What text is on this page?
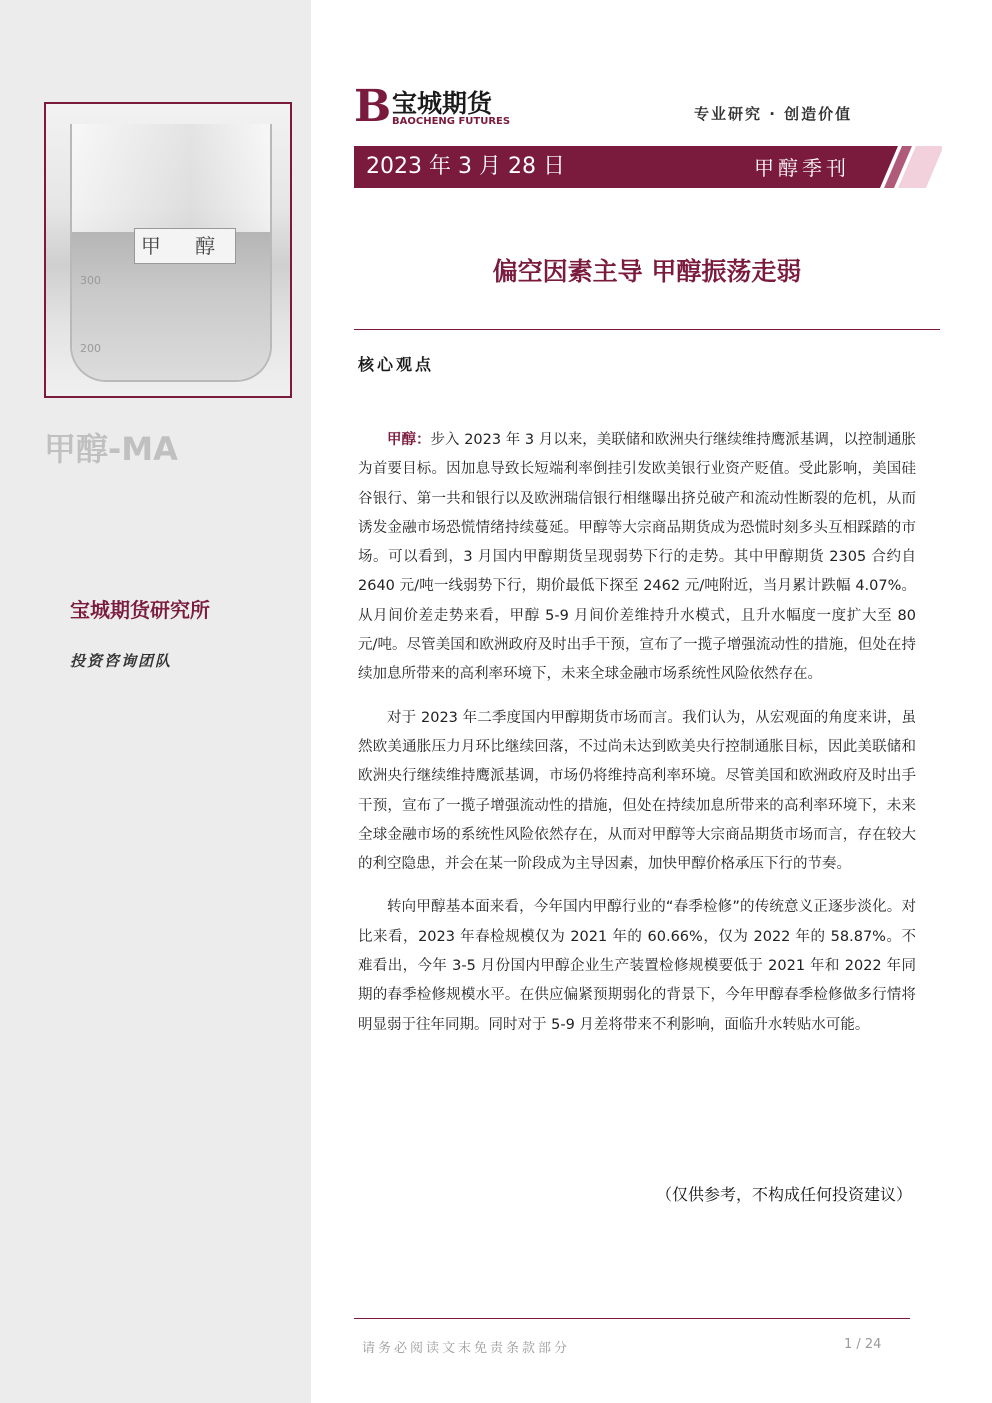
300
200
甲 醇
甲醇-MA
宝城期货研究所
投资咨询团队
B 宝城期货
BAOCHENG FUTURES	专业研究 · 创造价值
2023 年 3 月 28 日	甲醇季刊
偏空因素主导 甲醇振荡走弱
核心观点

甲醇：步入 2023 年 3 月以来，美联储和欧洲央行继续维持鹰派基调，以控制通胀为首要目标。因加息导致长短端利率倒挂引发欧美银行业资产贬值。受此影响，美国硅谷银行、第一共和银行以及欧洲瑞信银行相继曝出挤兑破产和流动性断裂的危机，从而诱发金融市场恐慌情绪持续蔓延。甲醇等大宗商品期货成为恐慌时刻多头互相踩踏的市场。可以看到，3 月国内甲醇期货呈现弱势下行的走势。其中甲醇期货 2305 合约自 2640 元/吨一线弱势下行，期价最低下探至 2462 元/吨附近，当月累计跌幅 4.07%。从月间价差走势来看，甲醇 5-9 月间价差维持升水模式，且升水幅度一度扩大至 80 元/吨。尽管美国和欧洲政府及时出手干预，宣布了一揽子增强流动性的措施，但处在持续加息所带来的高利率环境下，未来全球金融市场系统性风险依然存在。

对于 2023 年二季度国内甲醇期货市场而言。我们认为，从宏观面的角度来讲，虽然欧美通胀压力月环比继续回落，不过尚未达到欧美央行控制通胀目标，因此美联储和欧洲央行继续维持鹰派基调，市场仍将维持高利率环境。尽管美国和欧洲政府及时出手干预，宣布了一揽子增强流动性的措施，但处在持续加息所带来的高利率环境下，未来全球金融市场的系统性风险依然存在，从而对甲醇等大宗商品期货市场而言，存在较大的利空隐患，并会在某一阶段成为主导因素，加快甲醇价格承压下行的节奏。

转向甲醇基本面来看，今年国内甲醇行业的“春季检修”的传统意义正逐步淡化。对比来看，2023 年春检规模仅为 2021 年的 60.66%，仅为 2022 年的 58.87%。不难看出，今年 3-5 月份国内甲醇企业生产装置检修规模要低于 2021 年和 2022 年同期的春季检修规模水平。在供应偏紧预期弱化的背景下，今年甲醇春季检修做多行情将明显弱于往年同期。同时对于 5-9 月差将带来不利影响，面临升水转贴水可能。

（仅供参考，不构成任何投资建议）
请务必阅读文末免责条款部分	1 / 24
